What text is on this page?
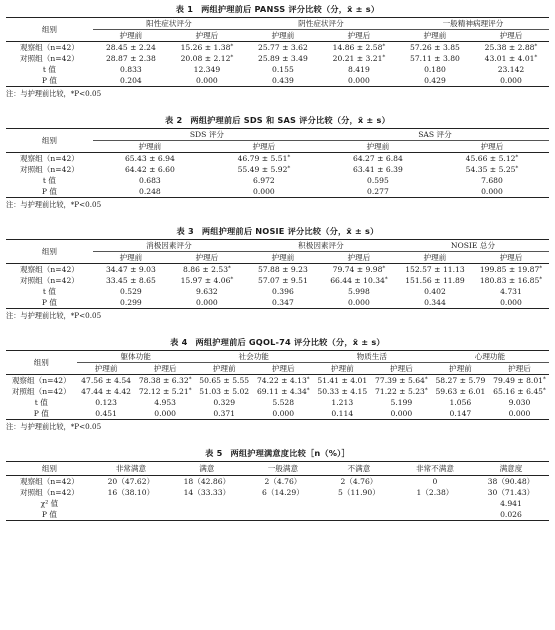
表 1 两组护理前后 PANSS 评分比较（分，x̄ ± s）
组别	阳性症状评分		阴性症状评分		一般精神病理评分	
	护理前	护理后	护理前	护理后	护理前	护理后
观察组（n=42）	28.45 ± 2.24	15.26 ± 1.38*	25.77 ± 3.62	14.86 ± 2.58*	57.26 ± 3.85	25.38 ± 2.88*
对照组（n=42）	28.87 ± 2.38	20.08 ± 2.12*	25.89 ± 3.49	20.21 ± 3.21*	57.11 ± 3.80	43.01 ± 4.01*
t 值	0.833	12.349	0.155	8.419	0.180	23.142
P 值	0.204	0.000	0.439	0.000	0.429	0.000
注：与护理前比较，*P<0.05
表 2 两组护理前后 SDS 和 SAS 评分比较（分，x̄ ± s）
组别	SDS 评分		SAS 评分	
	护理前	护理后	护理前	护理后
观察组（n=42）	65.43 ± 6.94	46.79 ± 5.51*	64.27 ± 6.84	45.66 ± 5.12*
对照组（n=42）	64.42 ± 6.60	55.49 ± 5.92*	63.41 ± 6.39	54.35 ± 5.25*
t 值	0.683	6.972	0.595	7.680
P 值	0.248	0.000	0.277	0.000
注：与护理前比较，*P<0.05
表 3 两组护理前后 NOSIE 评分比较（分，x̄ ± s）
组别	消极因素评分		积极因素评分		NOSIE 总分	
	护理前	护理后	护理前	护理后	护理前	护理后
观察组（n=42）	34.47 ± 9.03	8.86 ± 2.53*	57.88 ± 9.23	79.74 ± 9.98*	152.57 ± 11.13	199.85 ± 19.87*
对照组（n=42）	33.45 ± 8.65	15.97 ± 4.06*	57.07 ± 9.51	66.44 ± 10.34*	151.56 ± 11.89	180.83 ± 16.85*
t 值	0.529	9.632	0.396	5.998	0.402	4.731
P 值	0.299	0.000	0.347	0.000	0.344	0.000
注：与护理前比较，*P<0.05
表 4 两组护理前后 GQOL-74 评分比较（分，x̄ ± s）
组别	躯体功能		社会功能		物质生活		心理功能	
	护理前	护理后	护理前	护理后	护理前	护理后	护理前	护理后
观察组（n=42）	47.56 ± 4.54	78.38 ± 6.32*	50.65 ± 5.55	74.22 ± 4.13*	51.41 ± 4.01	77.39 ± 5.64*	58.27 ± 5.79	79.49 ± 8.01*
对照组（n=42）	47.44 ± 4.42	72.12 ± 5.21*	51.03 ± 5.02	69.11 ± 4.34*	50.33 ± 4.15	71.22 ± 5.23*	59.63 ± 6.01	65.16 ± 6.45*
t 值	0.123	4.953	0.329	5.528	1.213	5.199	1.056	9.030
P 值	0.451	0.000	0.371	0.000	0.114	0.000	0.147	0.000
注：与护理前比较，*P<0.05
表 5 两组护理满意度比较［n（%）］
组别	非常满意	满意	一般满意	不满意	非常不满意	满意度
观察组（n=42）	20（47.62）	18（42.86）	2（4.76）	2（4.76）	0	38（90.48）
对照组（n=42）	16（38.10）	14（33.33）	6（14.29）	5（11.90）	1（2.38）	30（71.43）
χ² 值						4.941
P 值						0.026
